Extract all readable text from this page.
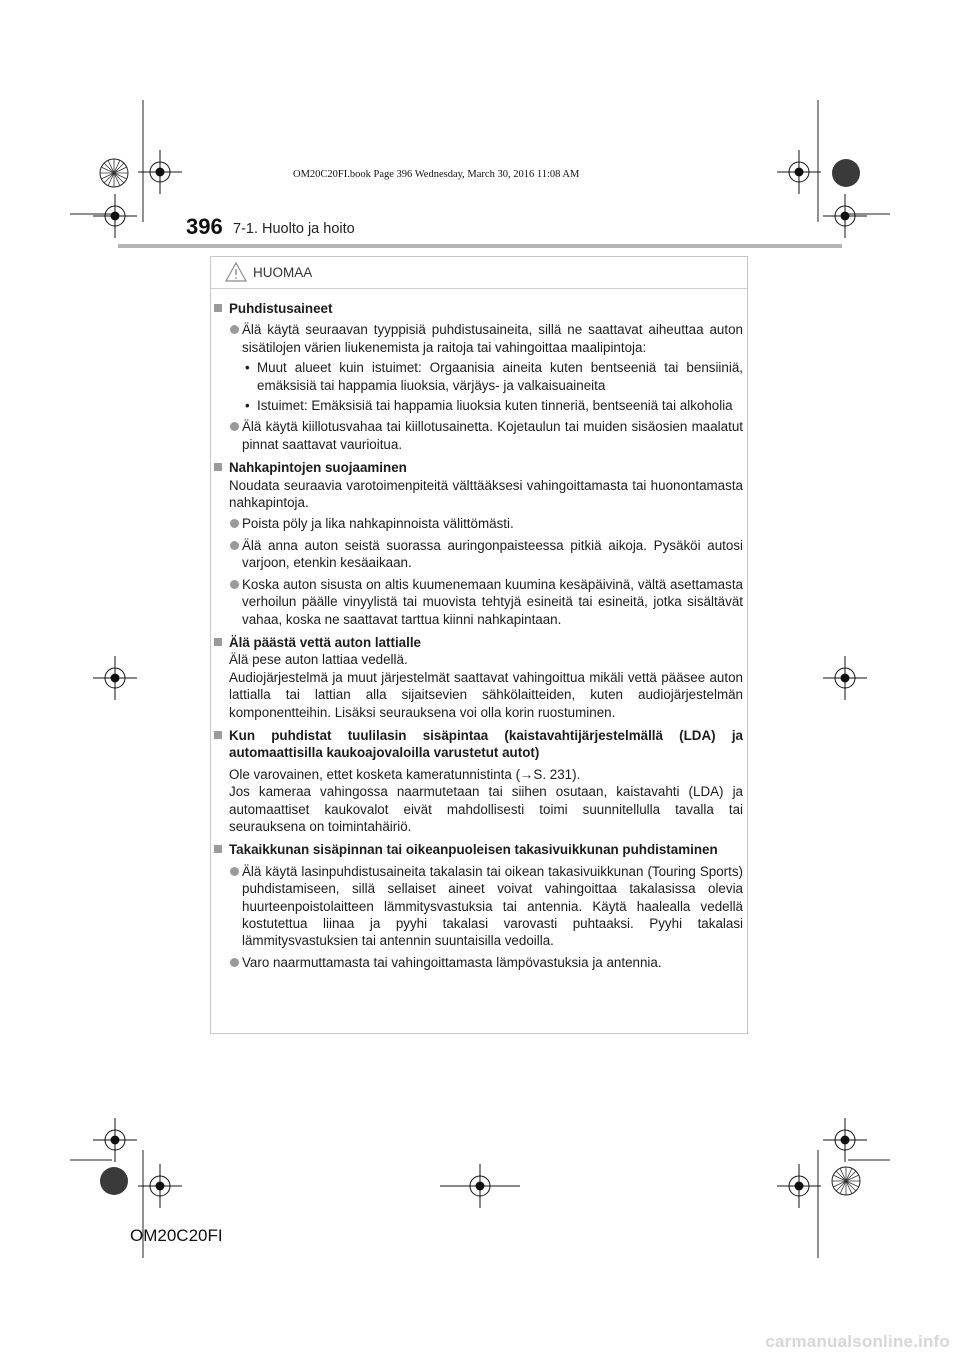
OM20C20FI.book Page 396 Wednesday, March 30, 2016 11:08 AM
396 7-1. Huolto ja hoito
HUOMAA
Puhdistusaineet
Älä käytä seuraavan tyyppisiä puhdistusaineita, sillä ne saattavat aiheuttaa auton sisätilojen värien liukenemista ja raitoja tai vahingoittaa maalipintoja:
• Muut alueet kuin istuimet: Orgaanisia aineita kuten bentseeniä tai bensiiniä, emäksisiä tai happamia liuoksia, värjäys- ja valkaisuaineita
• Istuimet: Emäksisiä tai happamia liuoksia kuten tinneriä, bentseeniä tai alkoholia
Älä käytä kiillotusvahaa tai kiillotusainetta. Kojetaulun tai muiden sisäosien maalatut pinnat saattavat vaurioitua.
Nahkapintojen suojaaminen
Noudata seuraavia varotoimenpiteitä välttääksesi vahingoittamasta tai huonontamasta nahkapintoja.
Poista pöly ja lika nahkapinnoista välittömästi.
Älä anna auton seistä suorassa auringonpaisteessa pitkiä aikoja. Pysäköi autosi varjoon, etenkin kesäaikaan.
Koska auton sisusta on altis kuumenemaan kuumina kesäpäivinä, vältä asettamasta verhoilun päälle vinyylistä tai muovista tehtyjä esineitä tai esineitä, jotka sisältävät vahaa, koska ne saattavat tarttua kiinni nahkapintaan.
Älä päästä vettä auton lattialle
Älä pese auton lattiaa vedellä.
Audiojärjestelmä ja muut järjestelmät saattavat vahingoittua mikäli vettä pääsee auton lattialla tai lattian alla sijaitsevien sähkölaitteiden, kuten audiojärjestelmän komponentteihin. Lisäksi seurauksena voi olla korin ruostuminen.
Kun puhdistat tuulilasin sisäpintaa (kaistavahtijärjestelmällä (LDA) ja automaattisilla kaukoajovaloilla varustetut autot)
Ole varovainen, ettet kosketa kameratunnistinta (→S. 231).
Jos kameraa vahingossa naarmutetaan tai siihen osutaan, kaistavahti (LDA) ja automaattiset kaukovalot eivät mahdollisesti toimi suunnitellulla tavalla tai seurauksena on toimintahäiriö.
Takaikkunan sisäpinnan tai oikeanpuoleisen takasivuikkunan puhdistaminen
Älä käytä lasinpuhdistusaineita takalasin tai oikean takasivuikkunan (Touring Sports) puhdistamiseen, sillä sellaiset aineet voivat vahingoittaa takalasissa olevia huurteenpoistolaitteen lämmitysvastuksia tai antennia. Käytä haalealla vedellä kostutettua liinaa ja pyyhi takalasi varovasti puhtaaksi. Pyyhi takalasi lämmitysvastuksien tai antennin suuntaisilla vedoilla.
Varo naarmuttamasta tai vahingoittamasta lämpövastuksia ja antennia.
OM20C20FI
carmanualsonline.info
